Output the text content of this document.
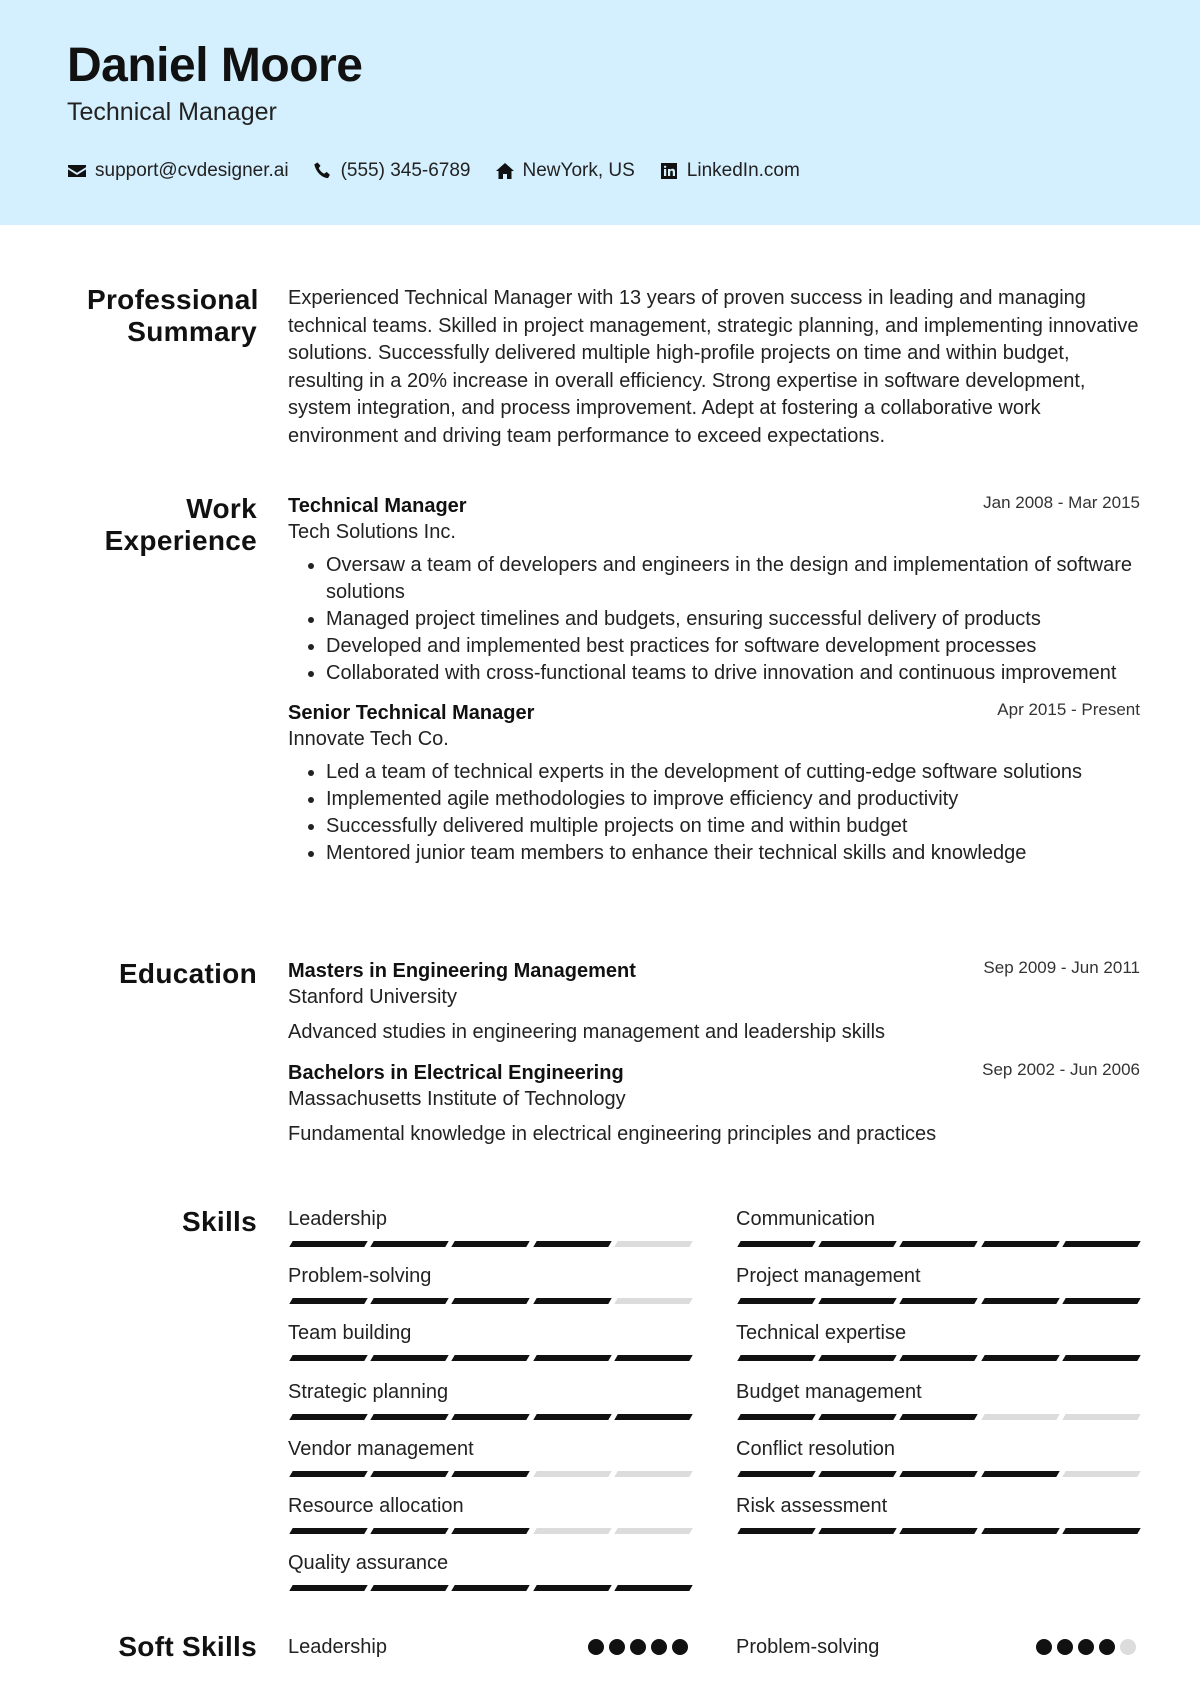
Daniel Moore
Technical Manager
support@cvdesigner.ai	(555) 345-6789	NewYork, US	LinkedIn.com
Professional Summary
Experienced Technical Manager with 13 years of proven success in leading and managing technical teams. Skilled in project management, strategic planning, and implementing innovative solutions. Successfully delivered multiple high-profile projects on time and within budget, resulting in a 20% increase in overall efficiency. Strong expertise in software development, system integration, and process improvement. Adept at fostering a collaborative work environment and driving team performance to exceed expectations.
Work Experience
Technical Manager	Jan 2008 - Mar 2015
Tech Solutions Inc.
• Oversaw a team of developers and engineers in the design and implementation of software solutions
• Managed project timelines and budgets, ensuring successful delivery of products
• Developed and implemented best practices for software development processes
• Collaborated with cross-functional teams to drive innovation and continuous improvement
Senior Technical Manager	Apr 2015 - Present
Innovate Tech Co.
• Led a team of technical experts in the development of cutting-edge software solutions
• Implemented agile methodologies to improve efficiency and productivity
• Successfully delivered multiple projects on time and within budget
• Mentored junior team members to enhance their technical skills and knowledge
Education Masters in Engineering Management	Sep 2009 - Jun 2011
Stanford University
Advanced studies in engineering management and leadership skills
Bachelors in Electrical Engineering	Sep 2002 - Jun 2006
Massachusetts Institute of Technology
Fundamental knowledge in electrical engineering principles and practices
Skills Leadership	Communication
Problem-solving	Project management
Team building	Technical expertise
Strategic planning	Budget management
Vendor management	Conflict resolution
Resource allocation	Risk assessment
Quality assurance
Soft Skills Leadership	Problem-solving
